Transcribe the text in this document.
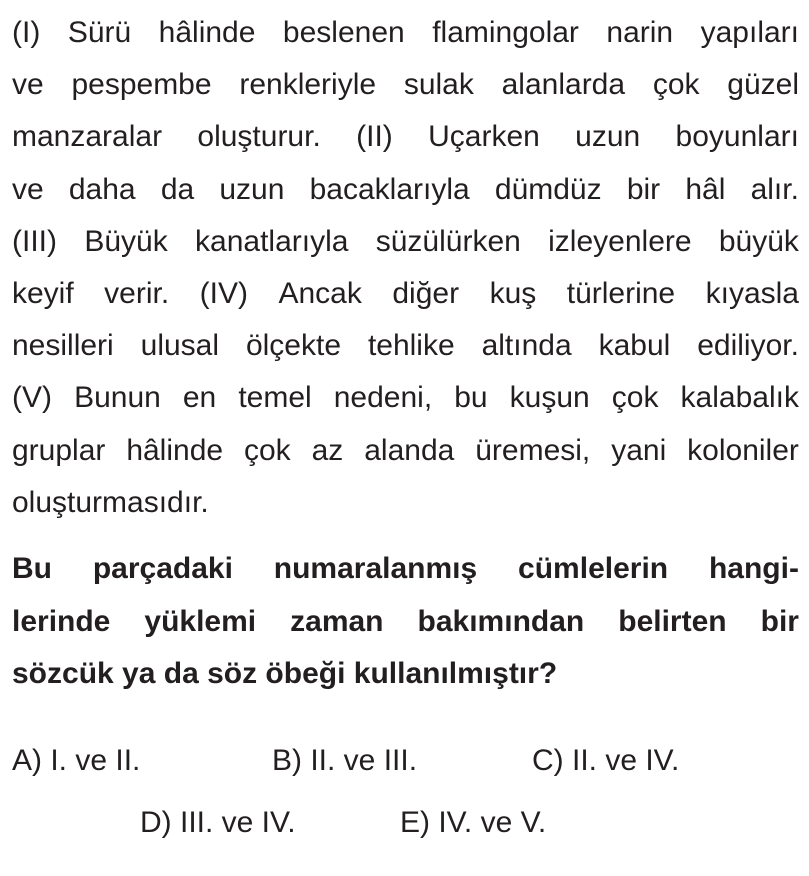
(I) Sürü hâlinde beslenen flamingolar narin yapıları
ve pespembe renkleriyle sulak alanlarda çok güzel
manzaralar oluşturur. (II) Uçarken uzun boyunları
ve daha da uzun bacaklarıyla dümdüz bir hâl alır.
(III) Büyük kanatlarıyla süzülürken izleyenlere büyük
keyif verir. (IV) Ancak diğer kuş türlerine kıyasla
nesilleri ulusal ölçekte tehlike altında kabul ediliyor.
(V) Bunun en temel nedeni, bu kuşun çok kalabalık
gruplar hâlinde çok az alanda üremesi, yani koloniler
oluşturmasıdır.
Bu parçadaki numaralanmış cümlelerin hangi-
lerinde yüklemi zaman bakımından belirten bir
sözcük ya da söz öbeği kullanılmıştır?
A) I. ve II.	B) II. ve III.	C) II. ve IV.
D) III. ve IV.	E) IV. ve V.
